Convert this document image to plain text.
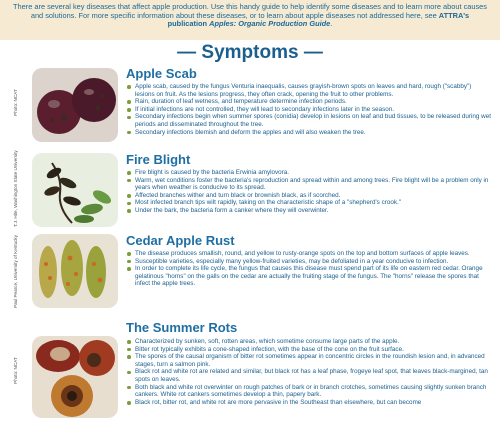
There are several key diseases that affect apple production. Use this handy guide to help identify some diseases and to learn more about causes and solutions. For more specific information about these diseases, or to learn about apple diseases not addressed here, see ATTRA's publication Apples: Organic Production Guide.

— Symptoms —
Photo: NCAT
Apple Scab
Apple scab, caused by the fungus Venturia inaequalis, causes grayish-brown spots on leaves and hard, rough ("scabby") lesions on fruit. As the lesions progress, they often crack, opening the fruit to other problems.
Rain, duration of leaf wetness, and temperature determine infection periods.
If initial infections are not controlled, they will lead to secondary infections later in the season.
Secondary infections begin when summer spores (conidia) develop in lesions on leaf and bud tissues, to be released during wet periods and disseminated throughout the tree.
Secondary infections blemish and deform the apples and will also weaken the tree.
T.J. Hite, Washington State University	Fire Blight
Fire blight is caused by the bacteria Erwinia amylovora.
Warm, wet conditions foster the bacteria's reproduction and spread within and among trees. Fire blight will be a problem only in years when weather is conducive to its spread.
Affected branches wither and turn black or brownish black, as if scorched.
Most infected branch tips wilt rapidly, taking on the characteristic shape of a "shepherd's crook."
Under the bark, the bacteria form a canker where they will overwinter.
Paul Pearce, University of Kentucky	Cedar Apple Rust
The disease produces smallish, round, and yellow to rusty-orange spots on the top and bottom surfaces of apple leaves.
Susceptible varieties, especially many yellow-fruited varieties, may be defoliated in a year conducive to infection.
In order to complete its life cycle, the fungus that causes this disease must spend part of its life on eastern red cedar. Orange gelatinous "horns" on the galls on the cedar are actually the fruiting stage of the fungus. The "horns" release the spores that infect the apple trees.
Photo: NCAT
The Summer Rots
Characterized by sunken, soft, rotten areas, which sometime consume large parts of the apple.
Bitter rot typically exhibits a cone-shaped infection, with the base of the cone on the fruit surface.
The spores of the causal organism of bitter rot sometimes appear in concentric circles in the roundish lesion and, in advanced stages, turn a salmon pink.
Black rot and white rot are related and similar, but black rot has a leaf phase, frogeye leaf spot, that leaves black-margined, tan spots on leaves.
Both black and white rot overwinter on rough patches of bark or in branch crotches, sometimes causing slightly sunken branch cankers. White rot cankers sometimes develop a thin, papery bark.
Black rot, bitter rot, and white rot are more pervasive in the Southeast than elsewhere, but can become
